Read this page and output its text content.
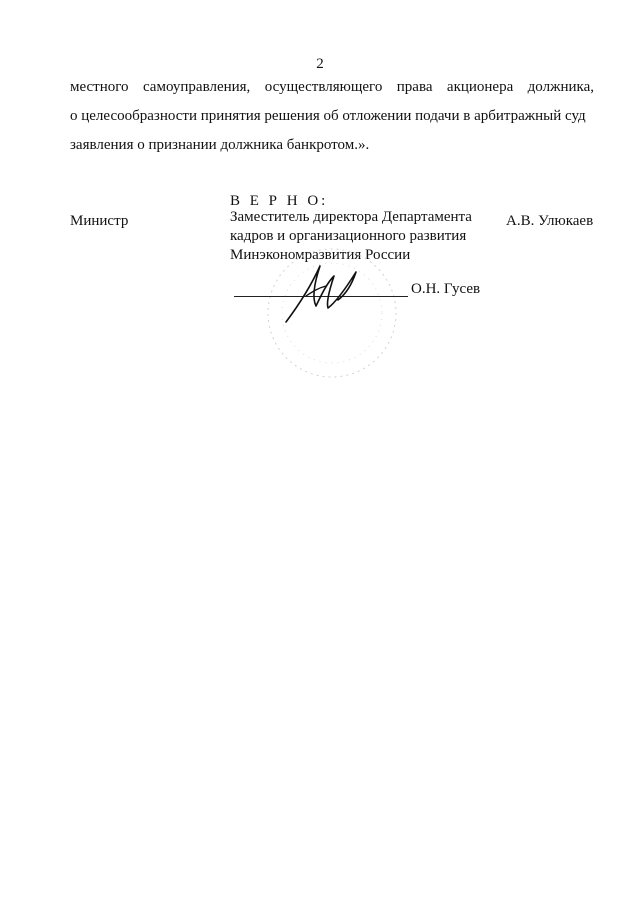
2
местного самоуправления, осуществляющего права акционера должника,
о целесообразности принятия решения об отложении подачи в арбитражный суд
заявления о признании должника банкротом.».
В Е Р Н О:
Министр	Заместитель директора Департамента
кадров и организационного развития
Минэкономразвития России
А.В. Улюкаев
О.Н. Гусев
